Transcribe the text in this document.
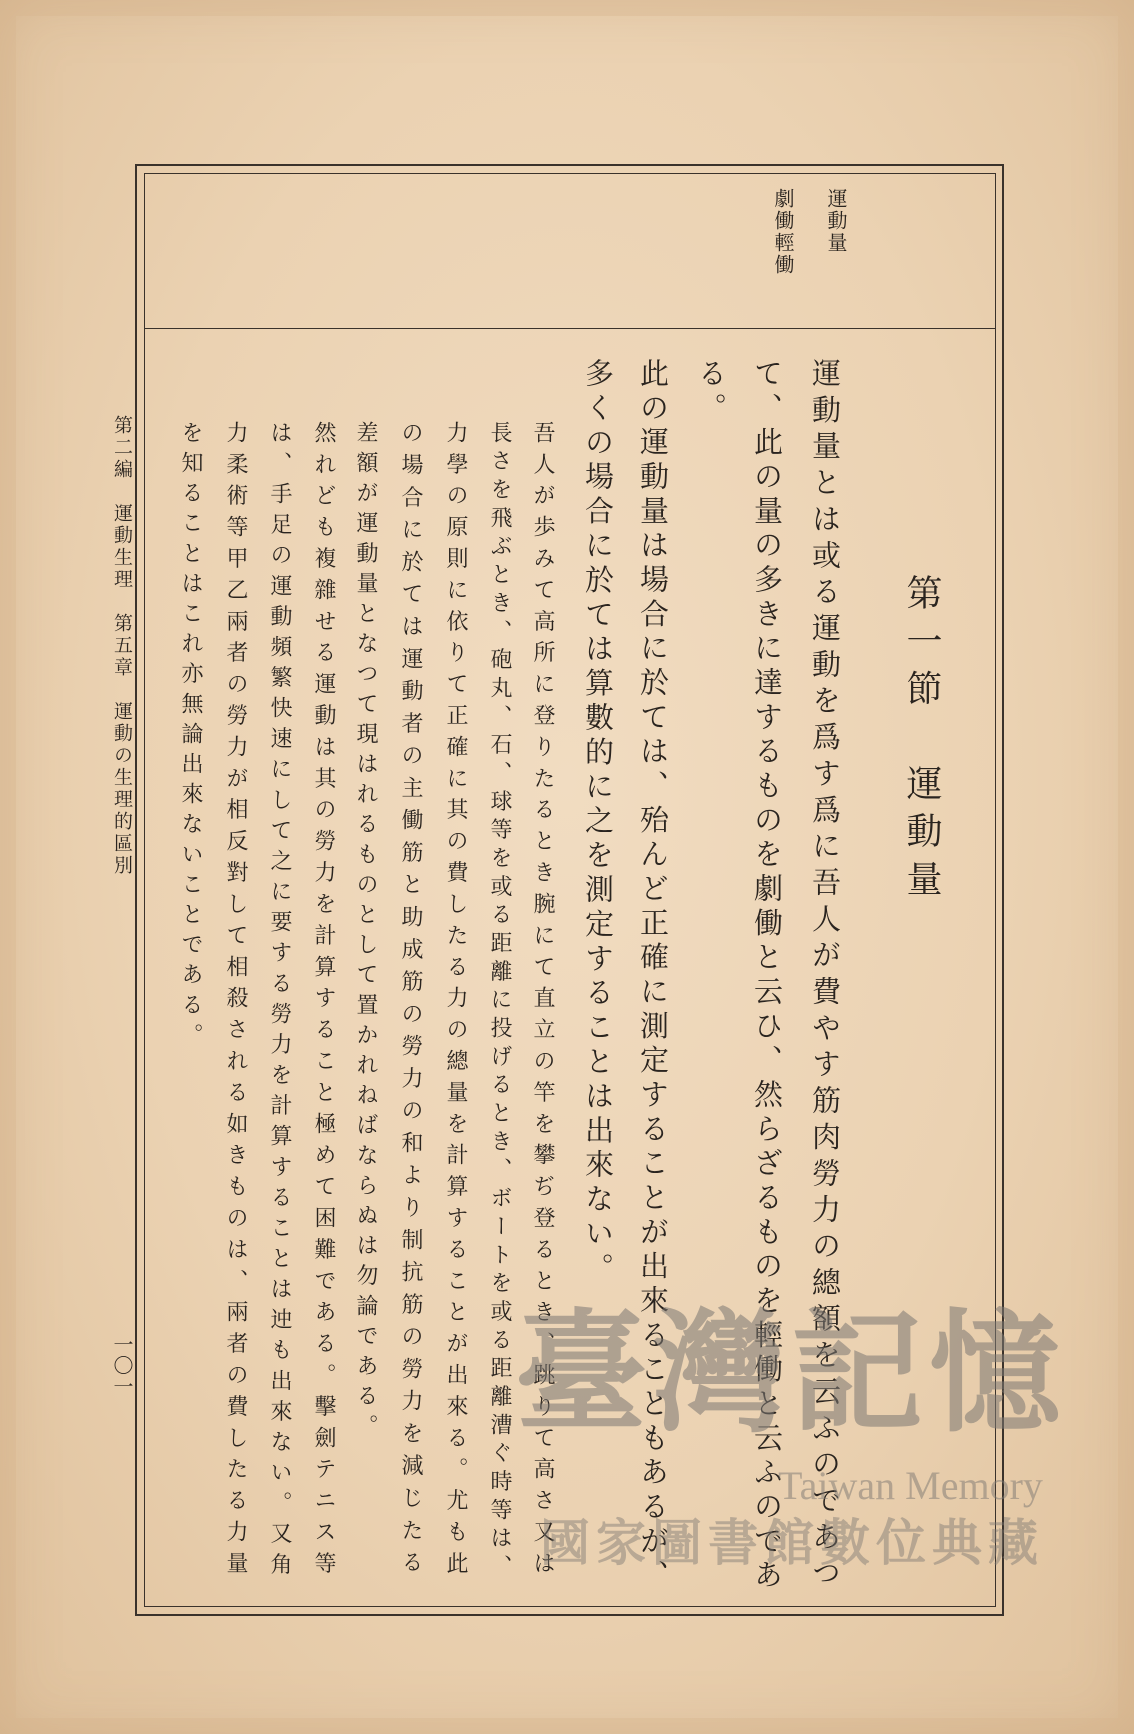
運動量
劇働輕働
第一節　運動量
運動量とは或る運動を爲す爲に吾人が費やす筋肉勞力の總額を云ふのであつ
て、此の量の多きに達するものを劇働と云ひ、然らざるものを輕働と云ふのであ
る。
此の運動量は場合に於ては、殆んど正確に測定することが出來ることもあるが、
多くの場合に於ては算數的に之を測定することは出來ない。
吾人が歩みて高所に登りたるとき腕にて直立の竿を攀ぢ登るとき、跳りて高さ又は
長さを飛ぶとき、砲丸、石、球等を或る距離に投げるとき、ボートを或る距離漕ぐ時等は、
力學の原則に依りて正確に其の費したる力の總量を計算することが出來る。尤も此
の場合に於ては運動者の主働筋と助成筋の勞力の和より制抗筋の勞力を減じたる
差額が運動量となつて現はれるものとして置かれねばならぬは勿論である。
然れども複雜せる運動は其の勞力を計算すること極めて困難である。擊劍テニス等
は、手足の運動頻繁快速にして之に要する勞力を計算することは迚も出來ない。又角
力柔術等甲乙兩者の勞力が相反對して相殺される如きものは、兩者の費したる力量
を知ることはこれ亦無論出來ないことである。
第二編　運動生理　第五章　運動の生理的區別
一〇一	臺灣記憶
Taiwan Memory
國家圖書館數位典藏
